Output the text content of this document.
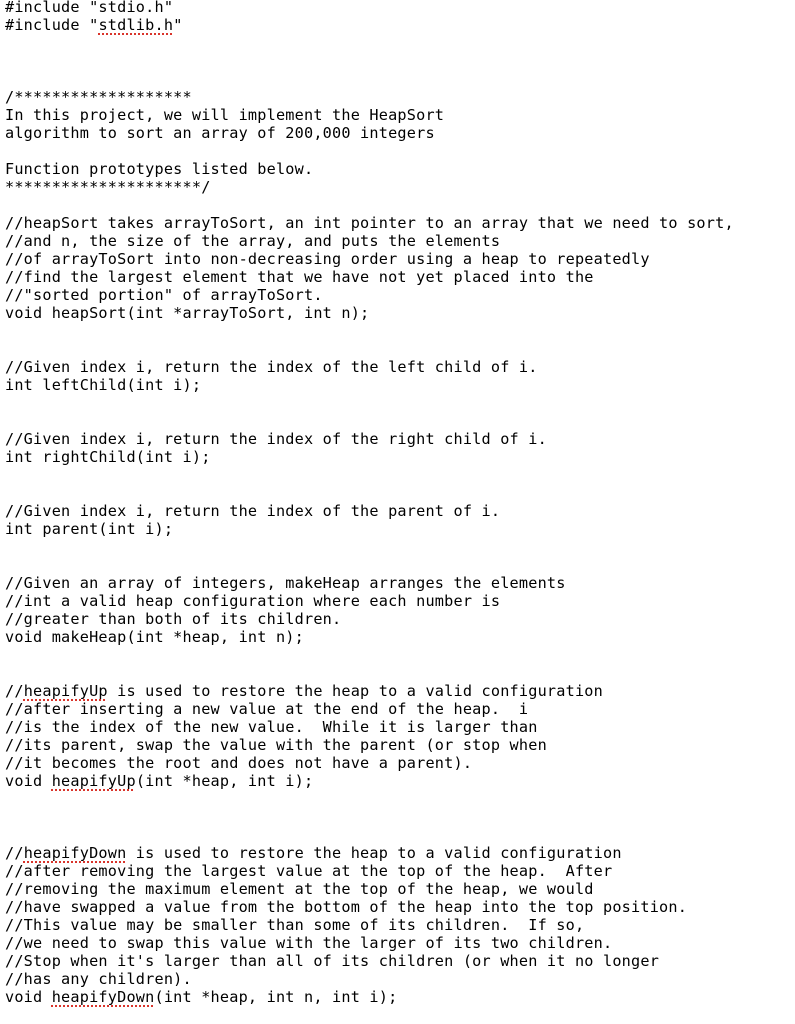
#include "stdio.h"
#include "stdlib.h"
/*******************
In this project, we will implement the HeapSort
algorithm to sort an array of 200,000 integers
Function prototypes listed below.
*********************/
//heapSort takes arrayToSort, an int pointer to an array that we need to sort,
//and n, the size of the array, and puts the elements
//of arrayToSort into non-decreasing order using a heap to repeatedly
//find the largest element that we have not yet placed into the
//"sorted portion" of arrayToSort.
void heapSort(int *arrayToSort, int n);
//Given index i, return the index of the left child of i.
int leftChild(int i);
//Given index i, return the index of the right child of i.
int rightChild(int i);
//Given index i, return the index of the parent of i.
int parent(int i);
//Given an array of integers, makeHeap arranges the elements
//int a valid heap configuration where each number is
//greater than both of its children.
void makeHeap(int *heap, int n);
//heapifyUp is used to restore the heap to a valid configuration
//after inserting a new value at the end of the heap.  i
//is the index of the new value.  While it is larger than
//its parent, swap the value with the parent (or stop when
//it becomes the root and does not have a parent).
void heapifyUp(int *heap, int i);
//heapifyDown is used to restore the heap to a valid configuration
//after removing the largest value at the top of the heap.  After
//removing the maximum element at the top of the heap, we would
//have swapped a value from the bottom of the heap into the top position.
//This value may be smaller than some of its children.  If so,
//we need to swap this value with the larger of its two children.
//Stop when it's larger than all of its children (or when it no longer
//has any children).
void heapifyDown(int *heap, int n, int i);
